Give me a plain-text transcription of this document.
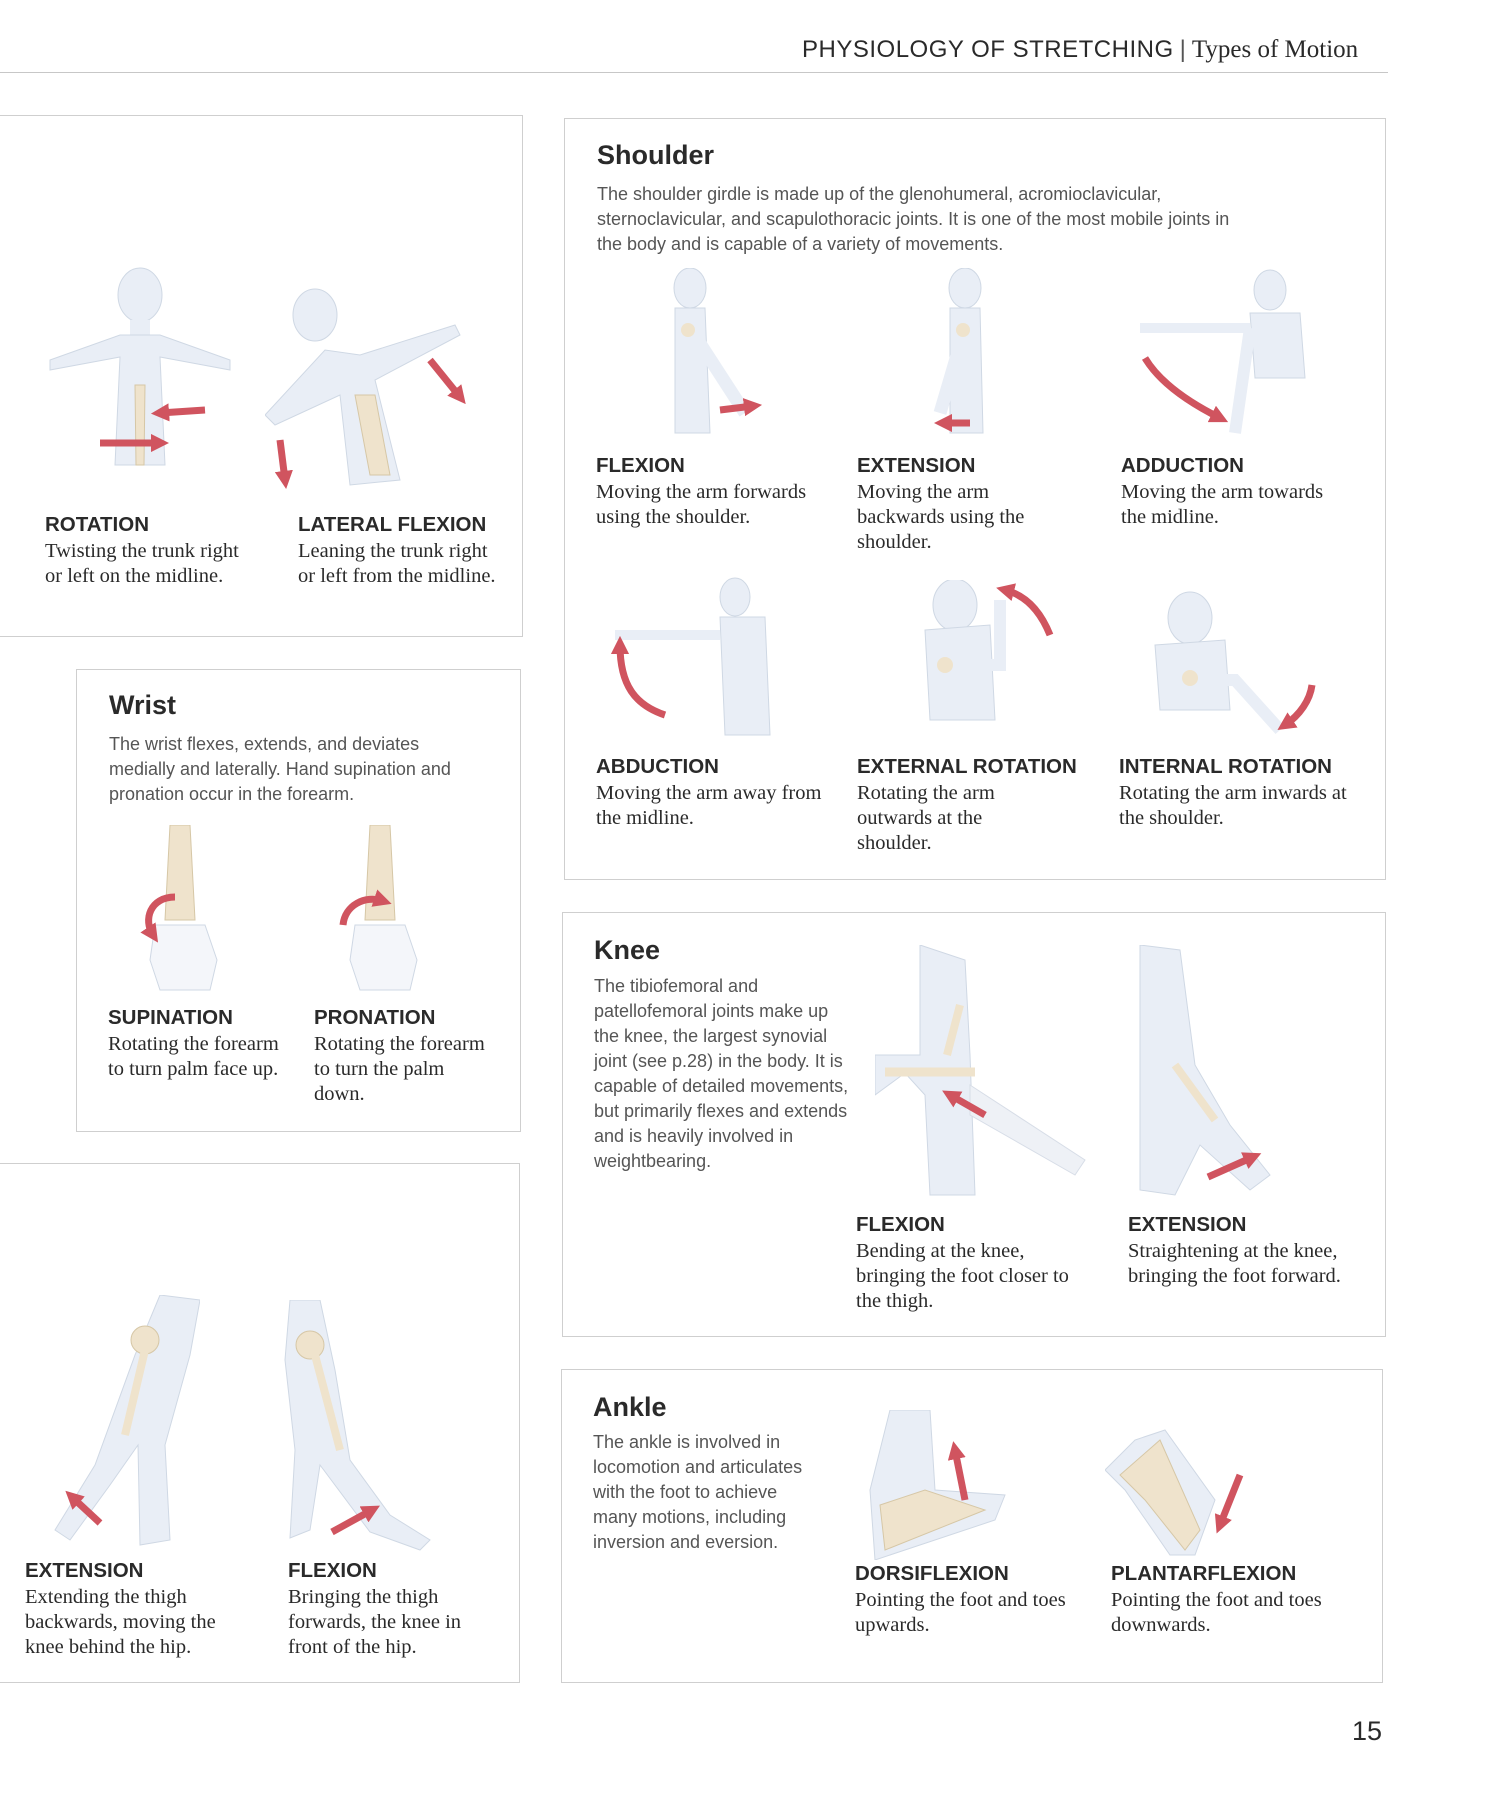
PHYSIOLOGY OF STRETCHING | Types of Motion
ROTATION
Twisting the trunk right or left on the midline.
LATERAL FLEXION
Leaning the trunk right or left from the midline.
Wrist
The wrist flexes, extends, and deviates medially and laterally. Hand supination and pronation occur in the forearm.
SUPINATION
Rotating the forearm to turn palm face up.
PRONATION
Rotating the forearm to turn the palm down.
EXTENSION
Extending the thigh backwards, moving the knee behind the hip.
FLEXION
Bringing the thigh forwards, the knee in front of the hip.
Shoulder
The shoulder girdle is made up of the glenohumeral, acromioclavicular, sternoclavicular, and scapulothoracic joints. It is one of the most mobile joints in the body and is capable of a variety of movements.
FLEXION
Moving the arm forwards using the shoulder.
EXTENSION
Moving the arm backwards using the shoulder.
ADDUCTION
Moving the arm towards the midline.
ABDUCTION
Moving the arm away from the midline.
EXTERNAL ROTATION
Rotating the arm outwards at the shoulder.
INTERNAL ROTATION
Rotating the arm inwards at the shoulder.
Knee
The tibiofemoral and patellofemoral joints make up the knee, the largest synovial joint (see p.28) in the body. It is capable of detailed movements, but primarily flexes and extends and is heavily involved in weightbearing.
FLEXION
Bending at the knee, bringing the foot closer to the thigh.
EXTENSION
Straightening at the knee, bringing the foot forward.
Ankle
The ankle is involved in locomotion and articulates with the foot to achieve many motions, including inversion and eversion.
DORSIFLEXION
Pointing the foot and toes upwards.
PLANTARFLEXION
Pointing the foot and toes downwards.
15
